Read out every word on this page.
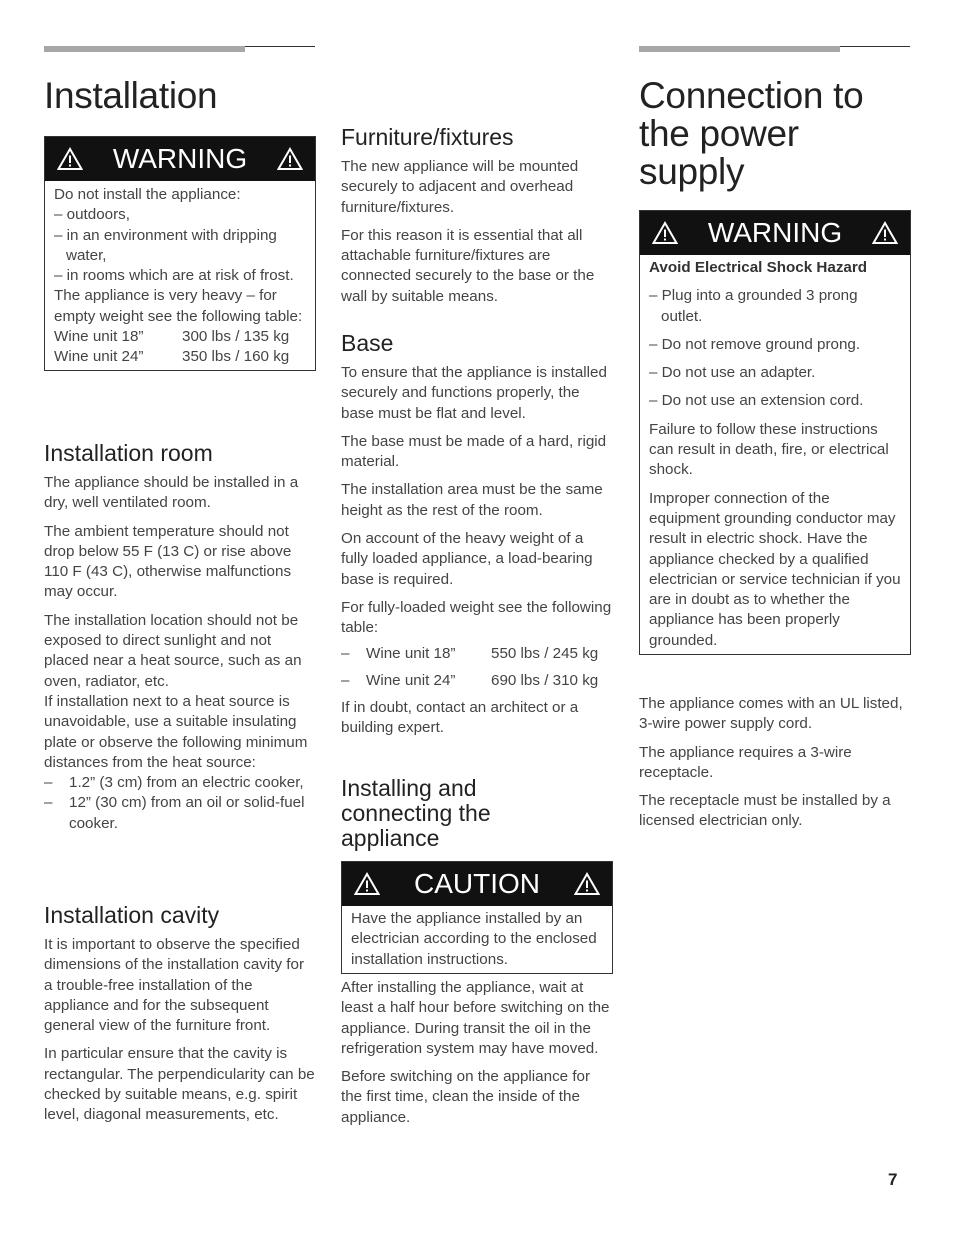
Installation
WARNING

Do not install the appliance:

– outdoors,

– in an environment with dripping water,

– in rooms which are at risk of frost.

The appliance is very heavy – for empty weight see the following table:

Wine unit 18”	300 lbs / 135 kg

Wine unit 24”	350 lbs / 160 kg

Installation room

The appliance should be installed in a dry, well ventilated room.

The ambient temperature should not drop below 55 F (13 C) or rise above 110 F (43 C), otherwise malfunctions may occur.

The installation location should not be exposed to direct sunlight and not placed near a heat source, such as an oven, radiator, etc.

If installation next to a heat source is unavoidable, use a suitable insulating plate or observe the following minimum distances from the heat source:

–	1.2” (3 cm) from an electric cooker,

–	12” (30 cm) from an oil or solid-fuel cooker.

Installation cavity

It is important to observe the specified dimensions of the installation cavity for a trouble-free installation of the appliance and for the subsequent general view of the furniture front.

In particular ensure that the cavity is rectangular. The perpendicularity can be checked by suitable means, e.g. spirit level, diagonal measurements, etc.

Furniture/fixtures

The new appliance will be mounted securely to adjacent and overhead furniture/fixtures.

For this reason it is essential that all attachable furniture/fixtures are connected securely to the base or the wall by suitable means.

Base

To ensure that the appliance is installed securely and functions properly, the base must be flat and level.

The base must be made of a hard, rigid material.

The installation area must be the same height as the rest of the room.

On account of the heavy weight of a fully loaded appliance, a load-bearing base is required.

For fully-loaded weight see the following table:

–	Wine unit 18”	550 lbs / 245 kg

–	Wine unit 24”	690 lbs / 310 kg

If in doubt, contact an architect or a building expert.

Installing and connecting the appliance
CAUTION

Have the appliance installed by an electrician according to the enclosed installation instructions.

After installing the appliance, wait at least a half hour before switching on the appliance. During transit the oil in the refrigeration system may have moved.

Before switching on the appliance for the first time, clean the inside of the appliance.

Connection to the power supply
WARNING

Avoid Electrical Shock Hazard

– Plug into a grounded 3 prong outlet.

– Do not remove ground prong.

– Do not use an adapter.

– Do not use an extension cord.

Failure to follow these instructions can result in death, fire, or electrical shock.

Improper connection of the equipment grounding conductor may result in electric shock. Have the appliance checked by a qualified electrician or service technician if you are in doubt as to whether the appliance has been properly grounded.

The appliance comes with an UL listed, 3-wire power supply cord.

The appliance requires a 3-wire receptacle.

The receptacle must be installed by a licensed electrician only.

7
